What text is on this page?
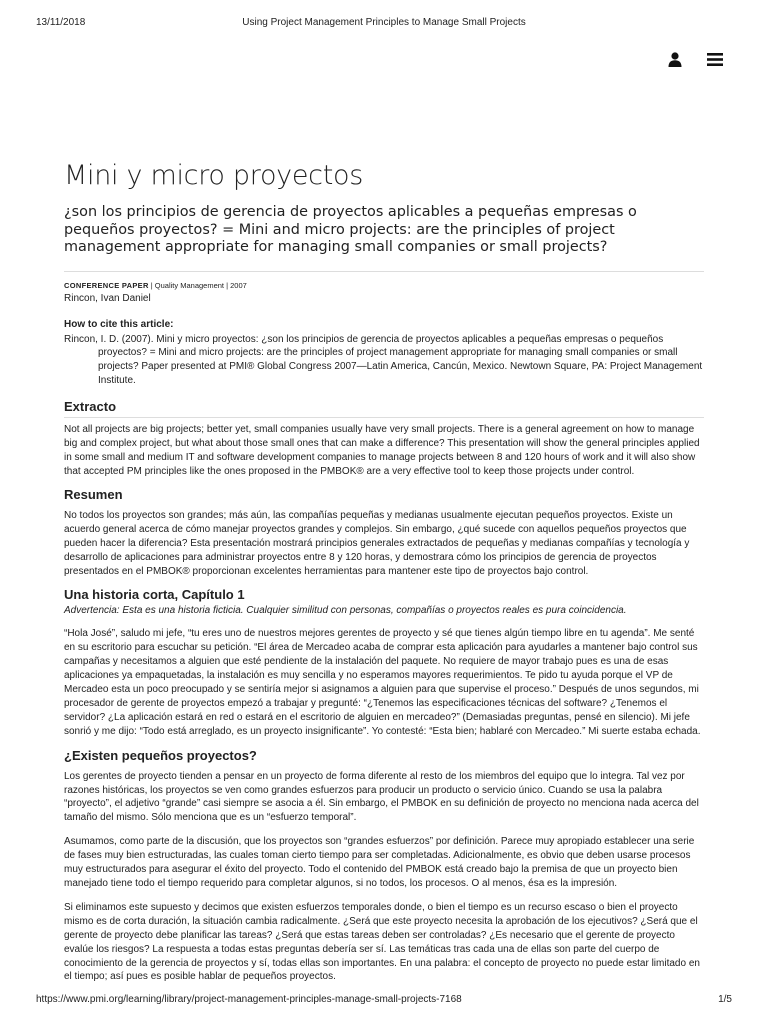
13/11/2018	Using Project Management Principles to Manage Small Projects
Mini y micro proyectos
¿son los principios de gerencia de proyectos aplicables a pequeñas empresas o pequeños proyectos? = Mini and micro projects: are the principles of project management appropriate for managing small companies or small projects?
CONFERENCE PAPER | Quality Management | 2007
Rincon, Ivan Daniel
How to cite this article:
Rincon, I. D. (2007). Mini y micro proyectos: ¿son los principios de gerencia de proyectos aplicables a pequeñas empresas o pequeños proyectos? = Mini and micro projects: are the principles of project management appropriate for managing small companies or small projects? Paper presented at PMI® Global Congress 2007—Latin America, Cancún, Mexico. Newtown Square, PA: Project Management Institute.
Extracto

Not all projects are big projects; better yet, small companies usually have very small projects. There is a general agreement on how to manage big and complex project, but what about those small ones that can make a difference? This presentation will show the general principles applied in some small and medium IT and software development companies to manage projects between 8 and 120 hours of work and it will also show that accepted PM principles like the ones proposed in the PMBOK® are a very effective tool to keep those projects under control.

Resumen

No todos los proyectos son grandes; más aún, las compañías pequeñas y medianas usualmente ejecutan pequeños proyectos. Existe un acuerdo general acerca de cómo manejar proyectos grandes y complejos. Sin embargo, ¿qué sucede con aquellos pequeños proyectos que pueden hacer la diferencia? Esta presentación mostrará principios generales extractados de pequeñas y medianas compañías y tecnología y desarrollo de aplicaciones para administrar proyectos entre 8 y 120 horas, y demostrara cómo los principios de gerencia de proyectos presentados en el PMBOK® proporcionan excelentes herramientas para mantener este tipo de proyectos bajo control.

Una historia corta, Capítulo 1

Advertencia: Esta es una historia ficticia. Cualquier similitud con personas, compañías o proyectos reales es pura coincidencia.

“Hola José”, saludo mi jefe, “tu eres uno de nuestros mejores gerentes de proyecto y sé que tienes algún tiempo libre en tu agenda”. Me senté en su escritorio para escuchar su petición. “El área de Mercadeo acaba de comprar esta aplicación para ayudarles a mantener bajo control sus campañas y necesitamos a alguien que esté pendiente de la instalación del paquete. No requiere de mayor trabajo pues es una de esas aplicaciones ya empaquetadas, la instalación es muy sencilla y no esperamos mayores requerimientos. Te pido tu ayuda porque el VP de Mercadeo esta un poco preocupado y se sentiría mejor si asignamos a alguien para que supervise el proceso.” Después de unos segundos, mi procesador de gerente de proyectos empezó a trabajar y pregunté: “¿Tenemos las especificaciones técnicas del software? ¿Tenemos el servidor? ¿La aplicación estará en red o estará en el escritorio de alguien en mercadeo?” (Demasiadas preguntas, pensé en silencio). Mi jefe sonrió y me dijo: “Todo está arreglado, es un proyecto insignificante”. Yo contesté: “Esta bien; hablaré con Mercadeo.” Mi suerte estaba echada.

¿Existen pequeños proyectos?

Los gerentes de proyecto tienden a pensar en un proyecto de forma diferente al resto de los miembros del equipo que lo integra. Tal vez por razones históricas, los proyectos se ven como grandes esfuerzos para producir un producto o servicio único. Cuando se usa la palabra “proyecto”, el adjetivo “grande” casi siempre se asocia a él. Sin embargo, el PMBOK en su definición de proyecto no menciona nada acerca del tamaño del mismo. Sólo menciona que es un “esfuerzo temporal”.

Asumamos, como parte de la discusión, que los proyectos son “grandes esfuerzos” por definición. Parece muy apropiado establecer una serie de fases muy bien estructuradas, las cuales toman cierto tiempo para ser completadas. Adicionalmente, es obvio que deben usarse procesos muy estructurados para asegurar el éxito del proyecto. Todo el contenido del PMBOK está creado bajo la premisa de que un proyecto bien manejado tiene todo el tiempo requerido para completar algunos, si no todos, los procesos. O al menos, ésa es la impresión.

Si eliminamos este supuesto y decimos que existen esfuerzos temporales donde, o bien el tiempo es un recurso escaso o bien el proyecto mismo es de corta duración, la situación cambia radicalmente. ¿Será que este proyecto necesita la aprobación de los ejecutivos? ¿Será que el gerente de proyecto debe planificar las tareas? ¿Será que estas tareas deben ser controladas? ¿Es necesario que el gerente de proyecto evalúe los riesgos? La respuesta a todas estas preguntas debería ser sí. Las temáticas tras cada una de ellas son parte del cuerpo de conocimiento de la gerencia de proyectos y sí, todas ellas son importantes. En una palabra: el concepto de proyecto no puede estar limitado en el tiempo; así pues es posible hablar de pequeños proyectos.

https://www.pmi.org/learning/library/project-management-principles-manage-small-projects-7168	1/5
